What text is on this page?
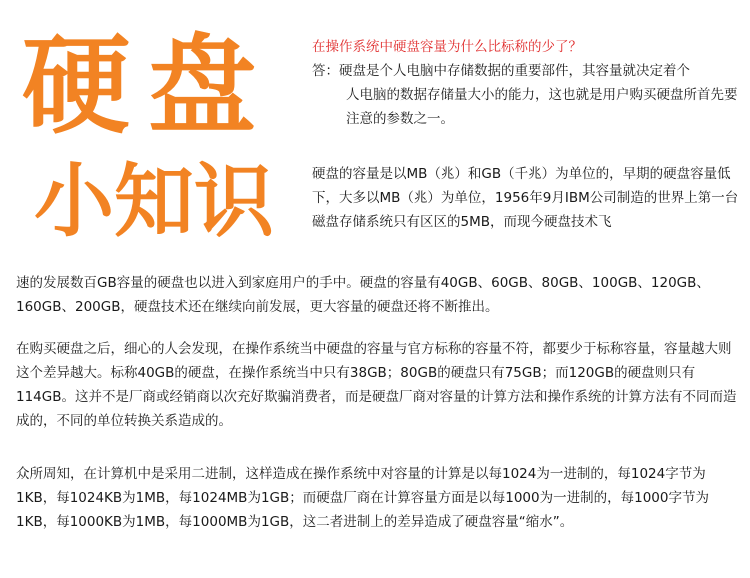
硬盘
小知识

在操作系统中硬盘容量为什么比标称的少了？

答：硬盘是个人电脑中存储数据的重要部件，其容量就决定着个

人电脑的数据存储量大小的能力，这也就是用户购买硬盘所首先要注意的参数之一。

硬盘的容量是以MB（兆）和GB（千兆）为单位的，早期的硬盘容量低下，大多以MB（兆）为单位，1956年9月IBM公司制造的世界上第一台磁盘存储系统只有区区的5MB，而现今硬盘技术飞

速的发展数百GB容量的硬盘也以进入到家庭用户的手中。硬盘的容量有40GB、60GB、80GB、100GB、120GB、160GB、200GB，硬盘技术还在继续向前发展，更大容量的硬盘还将不断推出。

在购买硬盘之后，细心的人会发现，在操作系统当中硬盘的容量与官方标称的容量不符，都要少于标称容量，容量越大则这个差异越大。标称40GB的硬盘，在操作系统当中只有38GB；80GB的硬盘只有75GB；而120GB的硬盘则只有114GB。这并不是厂商或经销商以次充好欺骗消费者，而是硬盘厂商对容量的计算方法和操作系统的计算方法有不同而造成的，不同的单位转换关系造成的。

众所周知，在计算机中是采用二进制，这样造成在操作系统中对容量的计算是以每1024为一进制的，每1024字节为1KB，每1024KB为1MB，每1024MB为1GB；而硬盘厂商在计算容量方面是以每1000为一进制的，每1000字节为1KB，每1000KB为1MB，每1000MB为1GB，这二者进制上的差异造成了硬盘容量“缩水”。
